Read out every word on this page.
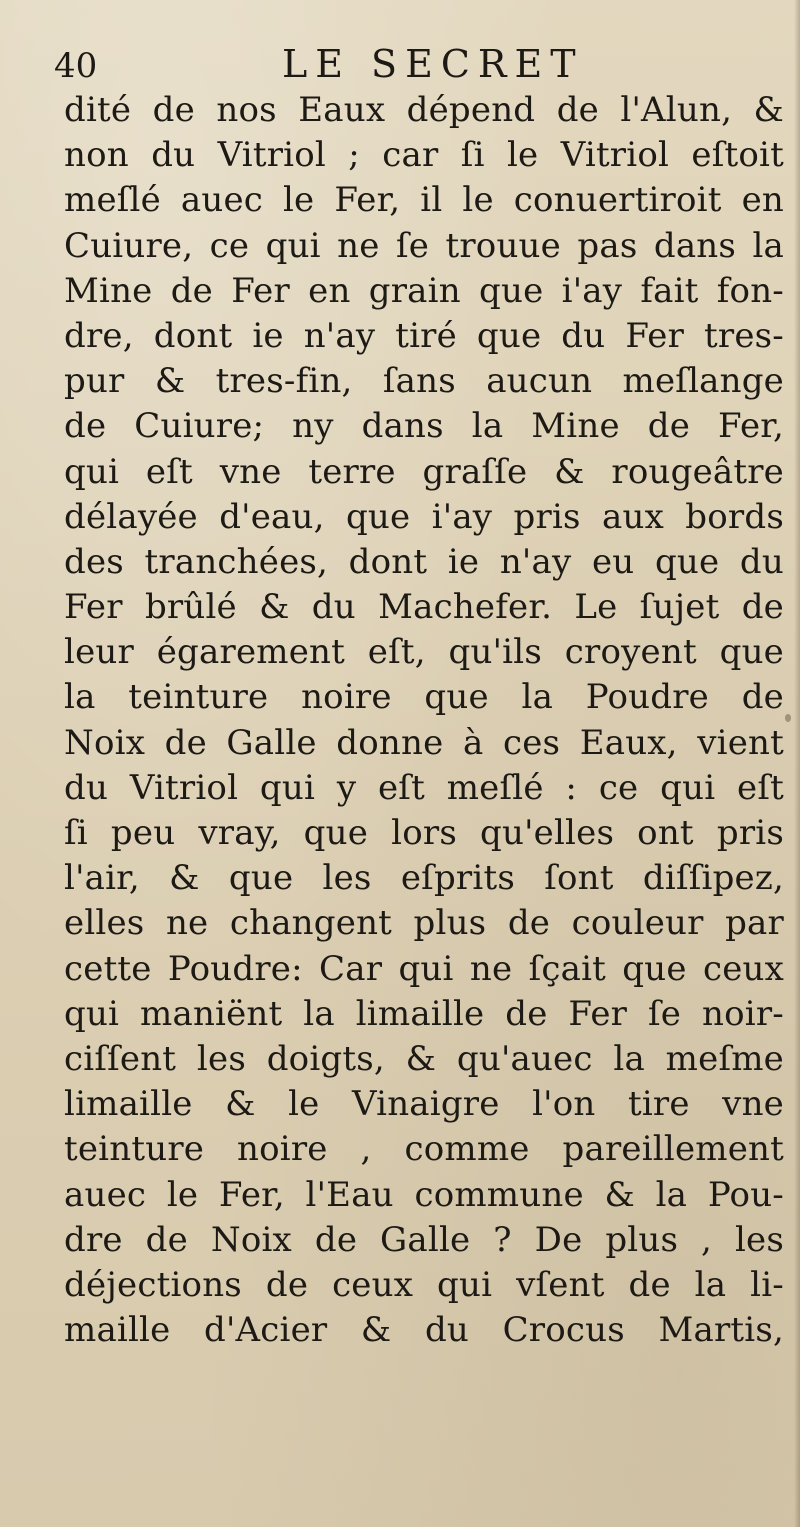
40	LE SECRET
dité de nos Eaux dépend de l'Alun, &
non du Vitriol ; car ſi le Vitriol eſtoit
meſlé auec le Fer, il le conuertiroit en
Cuiure, ce qui ne ſe trouue pas dans la
Mine de Fer en grain que i'ay fait fon-
dre, dont ie n'ay tiré que du Fer tres-
pur & tres-fin, ſans aucun meſlange
de Cuiure; ny dans la Mine de Fer,
qui eſt vne terre graſſe & rougeâtre
délayée d'eau, que i'ay pris aux bords
des tranchées, dont ie n'ay eu que du
Fer brûlé & du Machefer. Le ſujet de
leur égarement eſt, qu'ils croyent que
la teinture noire que la Poudre de
Noix de Galle donne à ces Eaux, vient
du Vitriol qui y eſt meſlé : ce qui eſt
ſi peu vray, que lors qu'elles ont pris
l'air, & que les eſprits ſont diſſipez,
elles ne changent plus de couleur par
cette Poudre: Car qui ne ſçait que ceux
qui maniënt la limaille de Fer ſe noir-
ciſſent les doigts, & qu'auec la meſme
limaille & le Vinaigre l'on tire vne
teinture noire , comme pareillement
auec le Fer, l'Eau commune & la Pou-
dre de Noix de Galle ? De plus , les
déjections de ceux qui vſent de la li-
maille d'Acier & du Crocus Martis,
